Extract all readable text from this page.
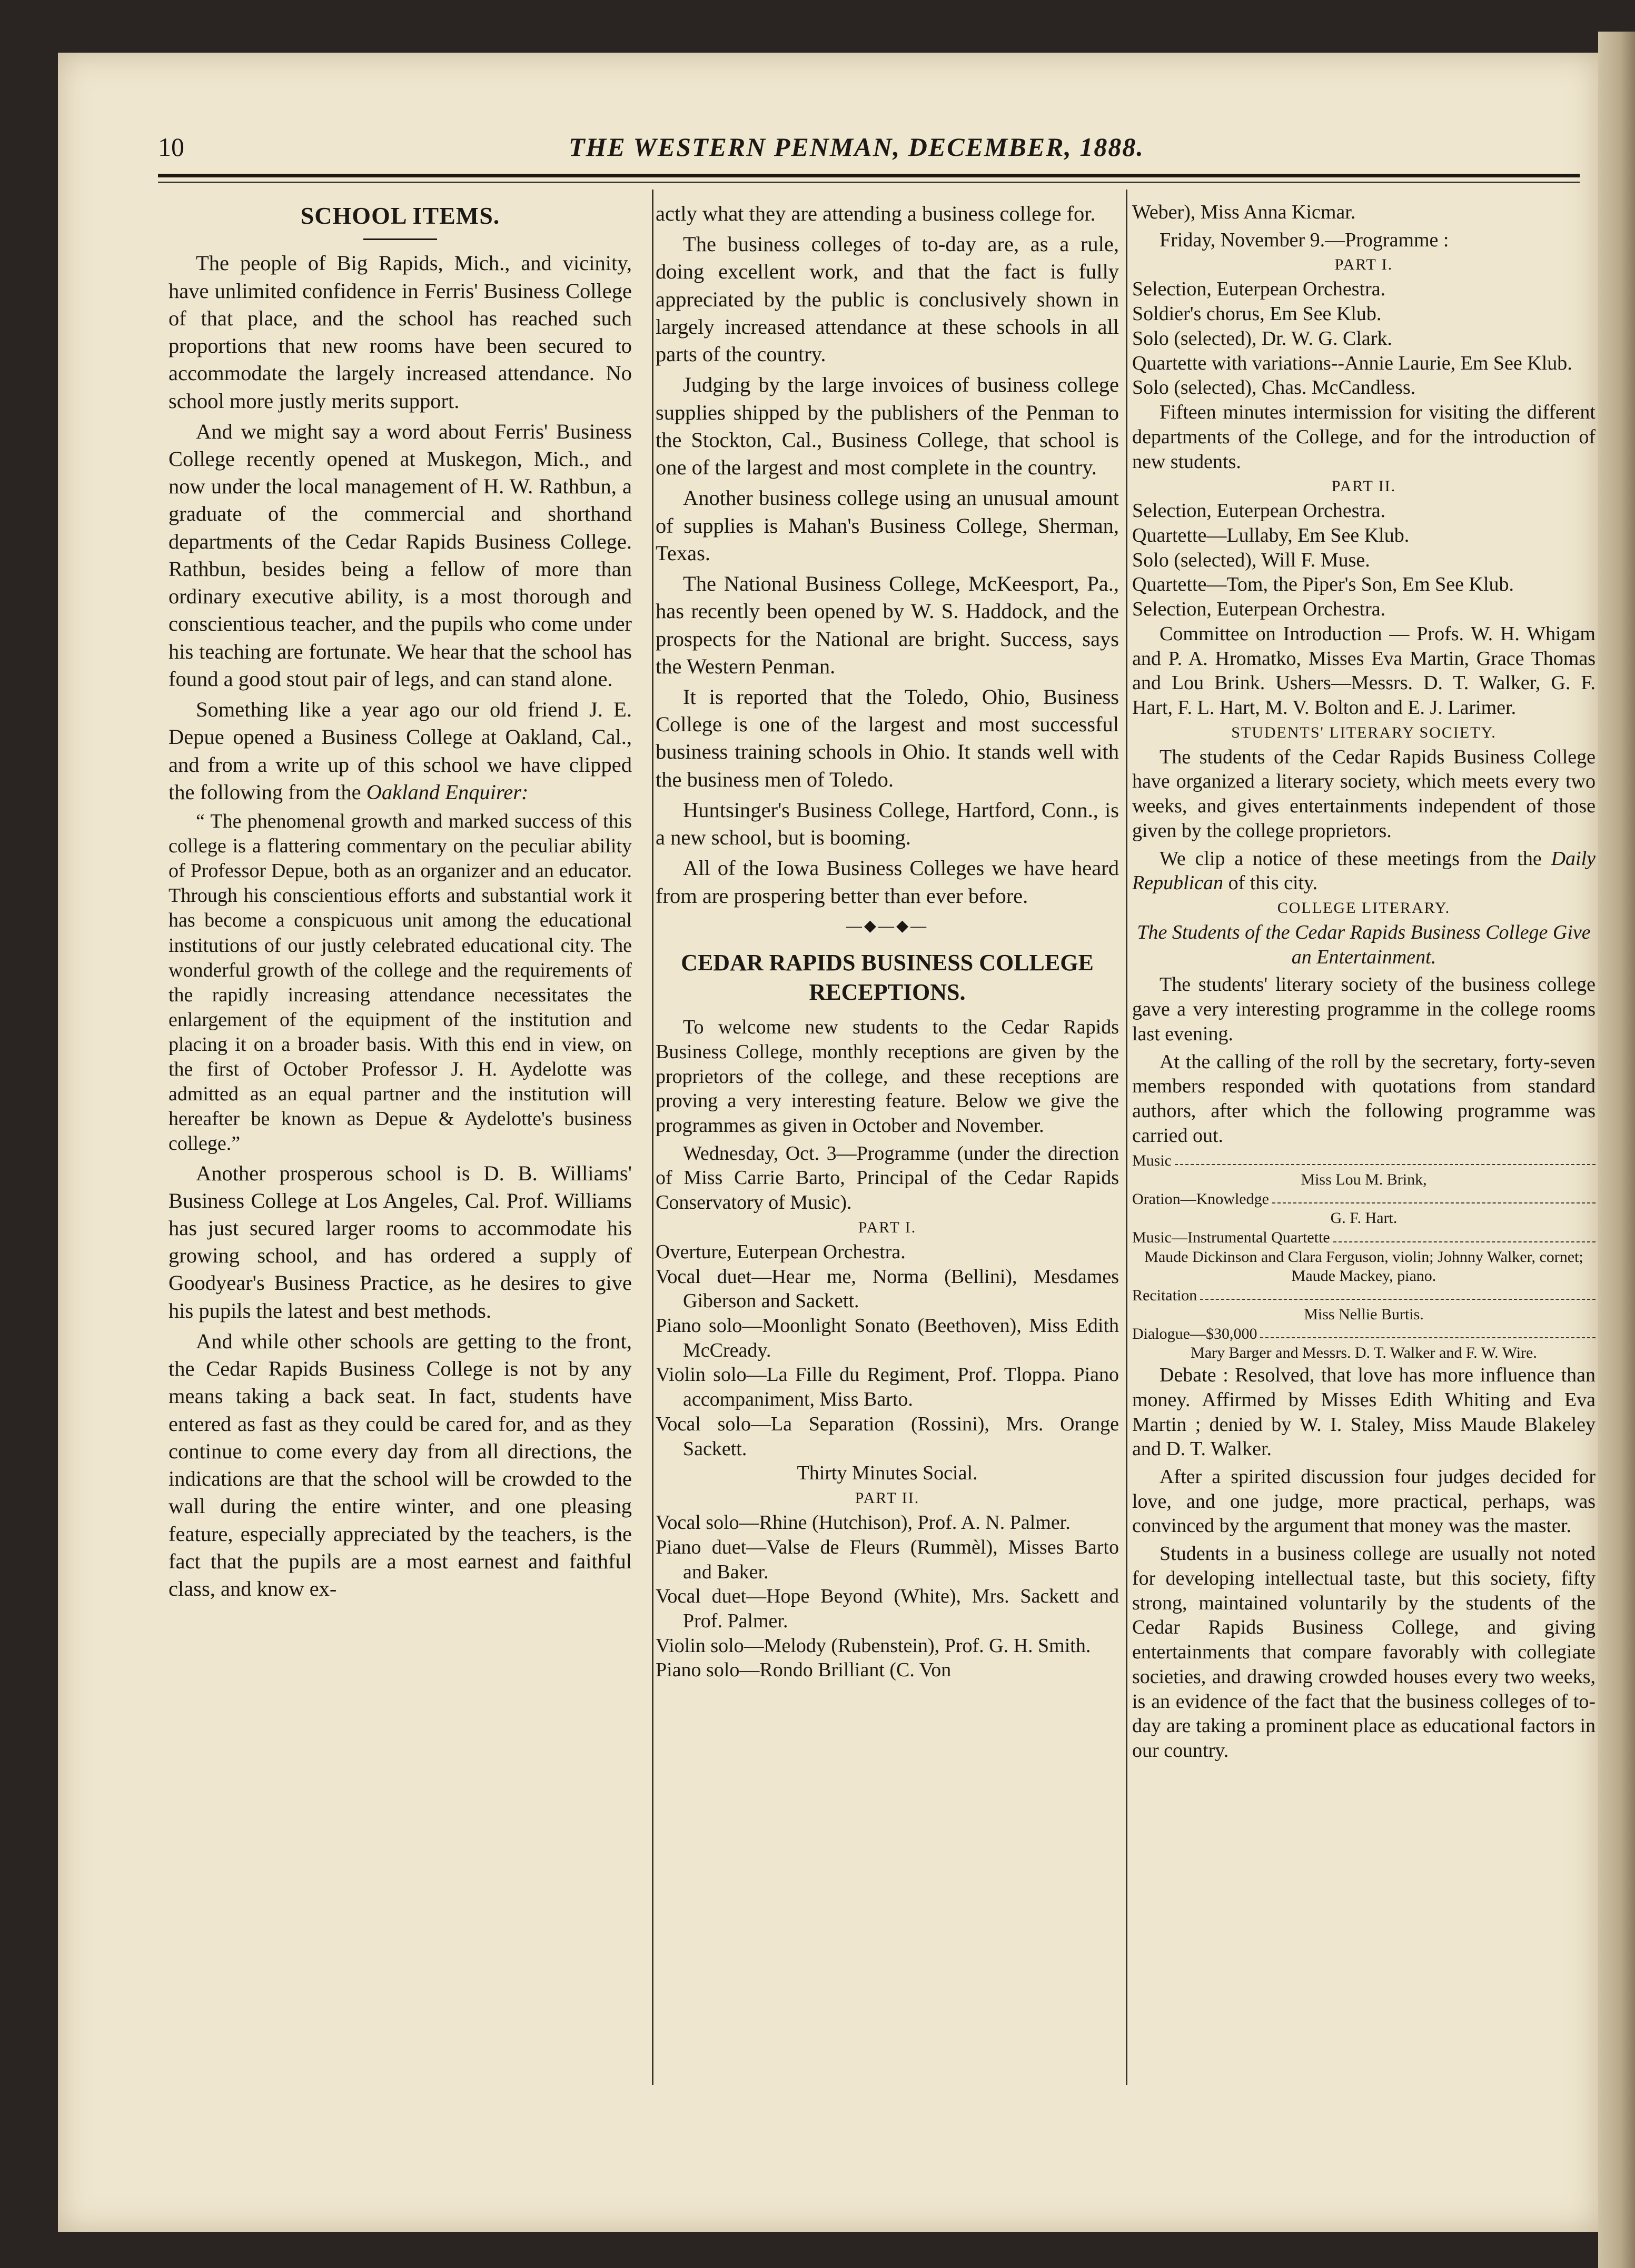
10	THE WESTERN PENMAN, DECEMBER, 1888.
SCHOOL ITEMS.

The people of Big Rapids, Mich., and vicinity, have unlimited confidence in Ferris' Business College of that place, and the school has reached such proportions that new rooms have been secured to accommodate the largely increased attendance. No school more justly merits support.

And we might say a word about Ferris' Business College recently opened at Muskegon, Mich., and now under the local management of H. W. Rathbun, a graduate of the commercial and shorthand departments of the Cedar Rapids Business College. Rathbun, besides being a fellow of more than ordinary executive ability, is a most thorough and conscientious teacher, and the pupils who come under his teaching are fortunate. We hear that the school has found a good stout pair of legs, and can stand alone.

Something like a year ago our old friend J. E. Depue opened a Business College at Oakland, Cal., and from a write up of this school we have clipped the following from the Oakland Enquirer:

“ The phenomenal growth and marked success of this college is a flattering commentary on the peculiar ability of Professor Depue, both as an organizer and an educator. Through his conscientious efforts and substantial work it has become a conspicuous unit among the educational institutions of our justly celebrated educational city. The wonderful growth of the college and the requirements of the rapidly increasing attendance necessitates the enlargement of the equipment of the institution and placing it on a broader basis. With this end in view, on the first of October Professor J. H. Aydelotte was admitted as an equal partner and the institution will hereafter be known as Depue & Aydelotte's business college.”

Another prosperous school is D. B. Williams' Business College at Los Angeles, Cal. Prof. Williams has just secured larger rooms to accommodate his growing school, and has ordered a supply of Goodyear's Business Practice, as he desires to give his pupils the latest and best methods.

And while other schools are getting to the front, the Cedar Rapids Business College is not by any means taking a back seat. In fact, students have entered as fast as they could be cared for, and as they continue to come every day from all directions, the indications are that the school will be crowded to the wall during the entire winter, and one pleasing feature, especially appreciated by the teachers, is the fact that the pupils are a most earnest and faithful class, and know ex-

actly what they are attending a business college for.

The business colleges of to-day are, as a rule, doing excellent work, and that the fact is fully appreciated by the public is conclusively shown in largely increased attendance at these schools in all parts of the country.

Judging by the large invoices of business college supplies shipped by the publishers of the Penman to the Stockton, Cal., Business College, that school is one of the largest and most complete in the country.

Another business college using an unusual amount of supplies is Mahan's Business College, Sherman, Texas.

The National Business College, McKeesport, Pa., has recently been opened by W. S. Haddock, and the prospects for the National are bright. Success, says the Western Penman.

It is reported that the Toledo, Ohio, Business College is one of the largest and most successful business training schools in Ohio. It stands well with the business men of Toledo.

Huntsinger's Business College, Hartford, Conn., is a new school, but is booming.

All of the Iowa Business Colleges we have heard from are prospering better than ever before.

—◆—◆—
CEDAR RAPIDS BUSINESS COLLEGE RECEPTIONS.

To welcome new students to the Cedar Rapids Business College, monthly receptions are given by the proprietors of the college, and these receptions are proving a very interesting feature. Below we give the programmes as given in October and November.

Wednesday, Oct. 3—Programme (under the direction of Miss Carrie Barto, Principal of the Cedar Rapids Conservatory of Music).

PART I.

Overture, Euterpean Orchestra.

Vocal duet—Hear me, Norma (Bellini), Mesdames Giberson and Sackett.

Piano solo—Moonlight Sonato (Beethoven), Miss Edith McCready.

Violin solo—La Fille du Regiment, Prof. Tloppa. Piano accompaniment, Miss Barto.

Vocal solo—La Separation (Rossini), Mrs. Orange Sackett.

Thirty Minutes Social.

PART II.

Vocal solo—Rhine (Hutchison), Prof. A. N. Palmer.

Piano duet—Valse de Fleurs (Rummèl), Misses Barto and Baker.

Vocal duet—Hope Beyond (White), Mrs. Sackett and Prof. Palmer.

Violin solo—Melody (Rubenstein), Prof. G. H. Smith.

Piano solo—Rondo Brilliant (C. Von

Weber), Miss Anna Kicmar.

Friday, November 9.—Programme :

PART I.

Selection, Euterpean Orchestra.

Soldier's chorus, Em See Klub.

Solo (selected), Dr. W. G. Clark.

Quartette with variations--Annie Laurie, Em See Klub.

Solo (selected), Chas. McCandless.

Fifteen minutes intermission for visiting the different departments of the College, and for the introduction of new students.

PART II.

Selection, Euterpean Orchestra.

Quartette—Lullaby, Em See Klub.

Solo (selected), Will F. Muse.

Quartette—Tom, the Piper's Son, Em See Klub.

Selection, Euterpean Orchestra.

Committee on Introduction — Profs. W. H. Whigam and P. A. Hromatko, Misses Eva Martin, Grace Thomas and Lou Brink. Ushers—Messrs. D. T. Walker, G. F. Hart, F. L. Hart, M. V. Bolton and E. J. Larimer.

STUDENTS' LITERARY SOCIETY.

The students of the Cedar Rapids Business College have organized a literary society, which meets every two weeks, and gives entertainments independent of those given by the college proprietors.

We clip a notice of these meetings from the Daily Republican of this city.

COLLEGE LITERARY.

The Students of the Cedar Rapids Business College Give an Entertainment.

The students' literary society of the business college gave a very interesting programme in the college rooms last evening.

At the calling of the roll by the secretary, forty-seven members responded with quotations from standard authors, after which the following programme was carried out.

Music
Miss Lou M. Brink,
Oration—Knowledge
G. F. Hart.
Music—Instrumental Quartette
Maude Dickinson and Clara Ferguson, violin; Johnny Walker, cornet; Maude Mackey, piano.
Recitation
Miss Nellie Burtis.
Dialogue—$30,000
Mary Barger and Messrs. D. T. Walker and F. W. Wire.

Debate : Resolved, that love has more influence than money. Affirmed by Misses Edith Whiting and Eva Martin ; denied by W. I. Staley, Miss Maude Blakeley and D. T. Walker.

After a spirited discussion four judges decided for love, and one judge, more practical, perhaps, was convinced by the argument that money was the master.

Students in a business college are usually not noted for developing intellectual taste, but this society, fifty strong, maintained voluntarily by the students of the Cedar Rapids Business College, and giving entertainments that compare favorably with collegiate societies, and drawing crowded houses every two weeks, is an evidence of the fact that the business colleges of to-day are taking a prominent place as educational factors in our country.
